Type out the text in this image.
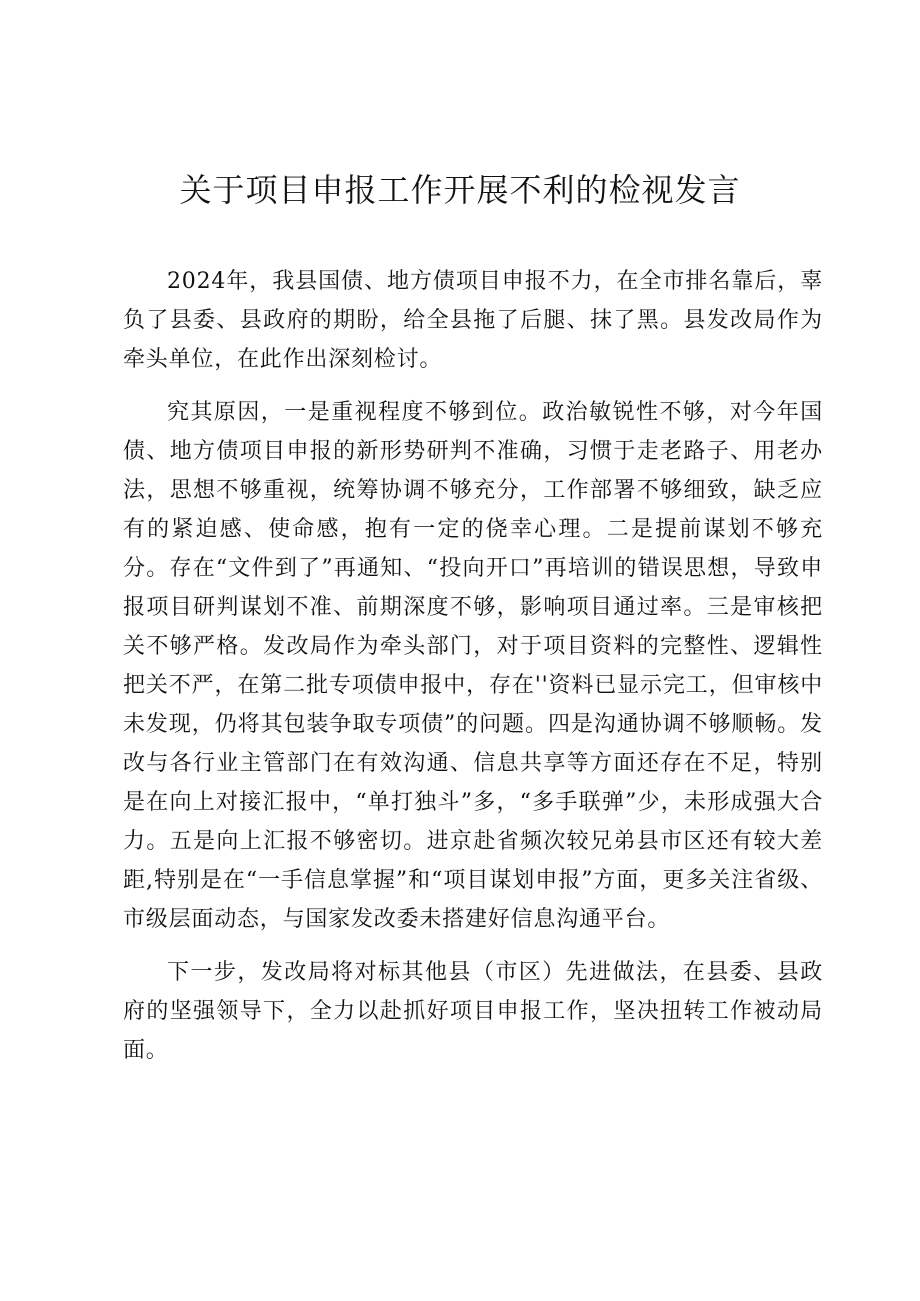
关于项目申报工作开展不利的检视发言

2024年，我县国债、地方债项目申报不力，在全市排名靠后，辜负了县委、县政府的期盼，给全县拖了后腿、抹了黑。县发改局作为牵头单位，在此作出深刻检讨。

究其原因，一是重视程度不够到位。政治敏锐性不够，对今年国债、地方债项目申报的新形势研判不准确，习惯于走老路子、用老办法，思想不够重视，统筹协调不够充分，工作部署不够细致，缺乏应有的紧迫感、使命感，抱有一定的侥幸心理。二是提前谋划不够充分。存在“文件到了”再通知、“投向开口”再培训的错误思想，导致申报项目研判谋划不准、前期深度不够，影响项目通过率。三是审核把关不够严格。发改局作为牵头部门，对于项目资料的完整性、逻辑性把关不严，在第二批专项债申报中，存在''资料已显示完工，但审核中未发现，仍将其包装争取专项债”的问题。四是沟通协调不够顺畅。发改与各行业主管部门在有效沟通、信息共享等方面还存在不足，特别是在向上对接汇报中，“单打独斗”多，“多手联弹”少，未形成强大合力。五是向上汇报不够密切。进京赴省频次较兄弟县市区还有较大差距,特别是在“一手信息掌握”和“项目谋划申报”方面，更多关注省级、市级层面动态，与国家发改委未搭建好信息沟通平台。

下一步，发改局将对标其他县（市区）先进做法，在县委、县政府的坚强领导下，全力以赴抓好项目申报工作，坚决扭转工作被动局面。
